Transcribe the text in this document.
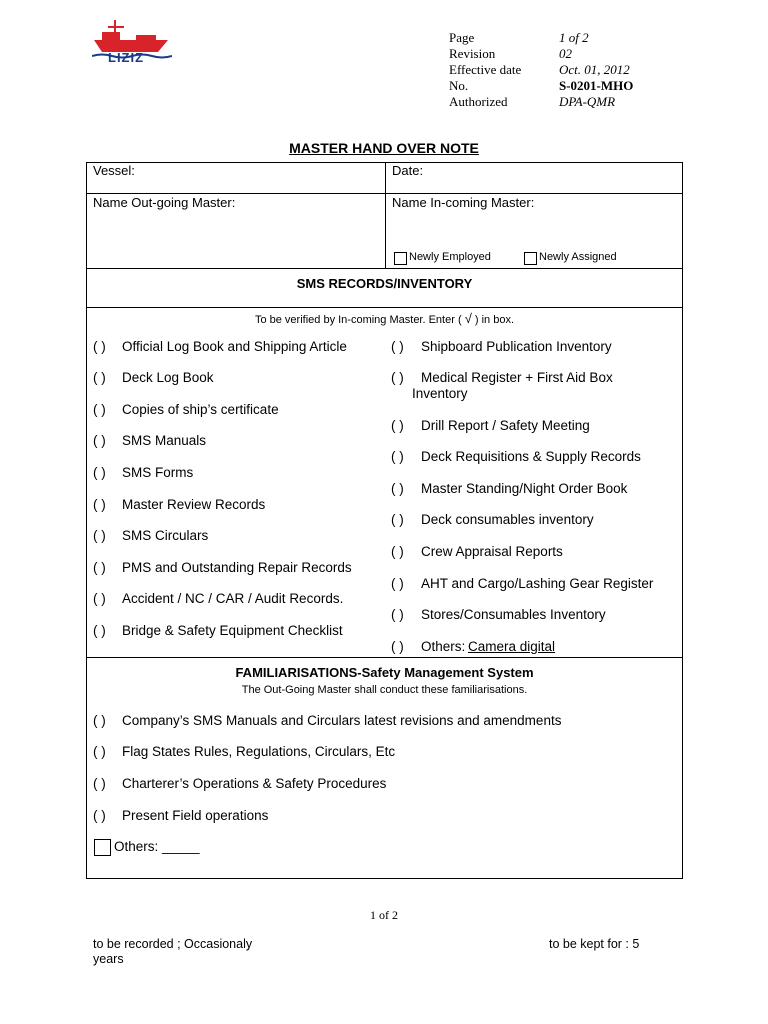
LIZIZ
Page	1 of 2
Revision	02
Effective date	Oct. 01, 2012
No.	S-0201-MHO
Authorized	DPA-QMR
MASTER HAND OVER NOTE
Vessel:	Date:
Name Out-going Master:	Name In-coming Master:
Newly Employed	Newly Assigned
SMS RECORDS/INVENTORY
To be verified by In-coming Master. Enter ( √ ) in box.
( ) Official Log Book and Shipping Article
( ) Deck Log Book
( ) Copies of ship’s certificate
( ) SMS Manuals
( ) SMS Forms
( ) Master Review Records
( ) SMS Circulars
( ) PMS and Outstanding Repair Records
( ) Accident / NC / CAR / Audit Records.
( ) Bridge & Safety Equipment Checklist
( ) Shipboard Publication Inventory
( ) Medical Register + First Aid Box
Inventory
( ) Drill Report / Safety Meeting
( ) Deck Requisitions & Supply Records
( ) Master Standing/Night Order Book
( ) Deck consumables inventory
( ) Crew Appraisal Reports
( ) AHT and Cargo/Lashing Gear Register
( ) Stores/Consumables Inventory
( ) Others: Camera digital
FAMILIARISATIONS-Safety Management System
The Out-Going Master shall conduct these familiarisations.
( ) Company’s SMS Manuals and Circulars latest revisions and amendments
( ) Flag States Rules, Regulations, Circulars, Etc
( ) Charterer’s Operations & Safety Procedures
( ) Present Field operations
Others: _____
1 of 2
to be recorded ; Occasionaly
years
to be kept for : 5
